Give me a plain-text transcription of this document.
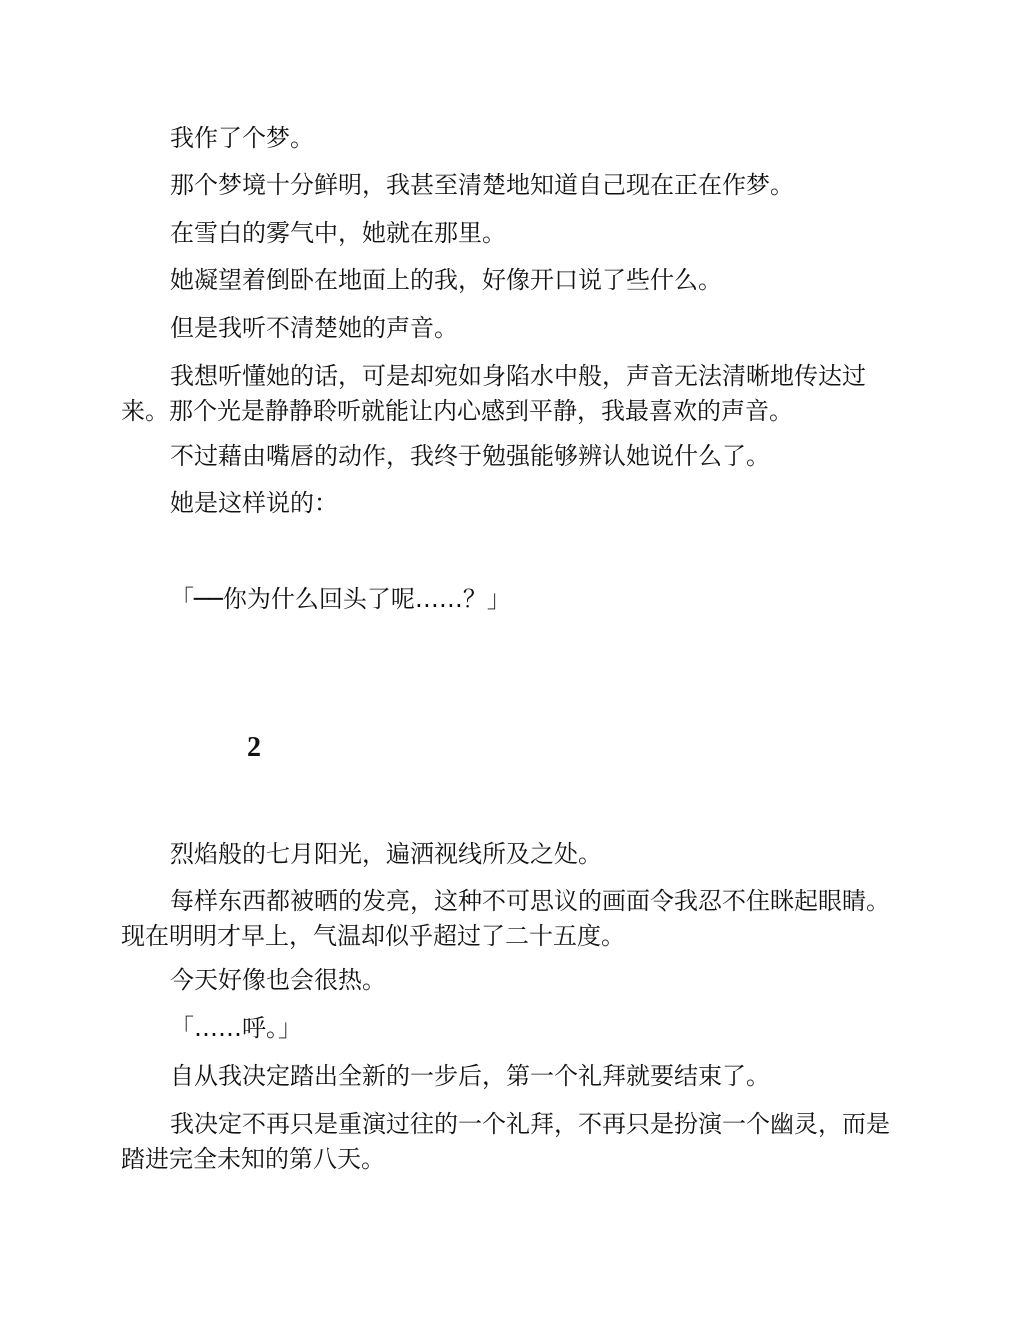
我作了个梦。

那个梦境十分鲜明，我甚至清楚地知道自己现在正在作梦。

在雪白的雾气中，她就在那里。

她凝望着倒卧在地面上的我，好像开口说了些什么。

但是我听不清楚她的声音。

我想听懂她的话，可是却宛如身陷水中般，声音无法清晰地传达过来。那个光是静静聆听就能让内心感到平静，我最喜欢的声音。

不过藉由嘴唇的动作，我终于勉强能够辨认她说什么了。

她是这样说的：

「──你为什么回头了呢……？」

2

烈焰般的七月阳光，遍洒视线所及之处。

每样东西都被晒的发亮，这种不可思议的画面令我忍不住眯起眼睛。现在明明才早上，气温却似乎超过了二十五度。

今天好像也会很热。

「……呼。」

自从我决定踏出全新的一步后，第一个礼拜就要结束了。

我决定不再只是重演过往的一个礼拜，不再只是扮演一个幽灵，而是踏进完全未知的第八天。
